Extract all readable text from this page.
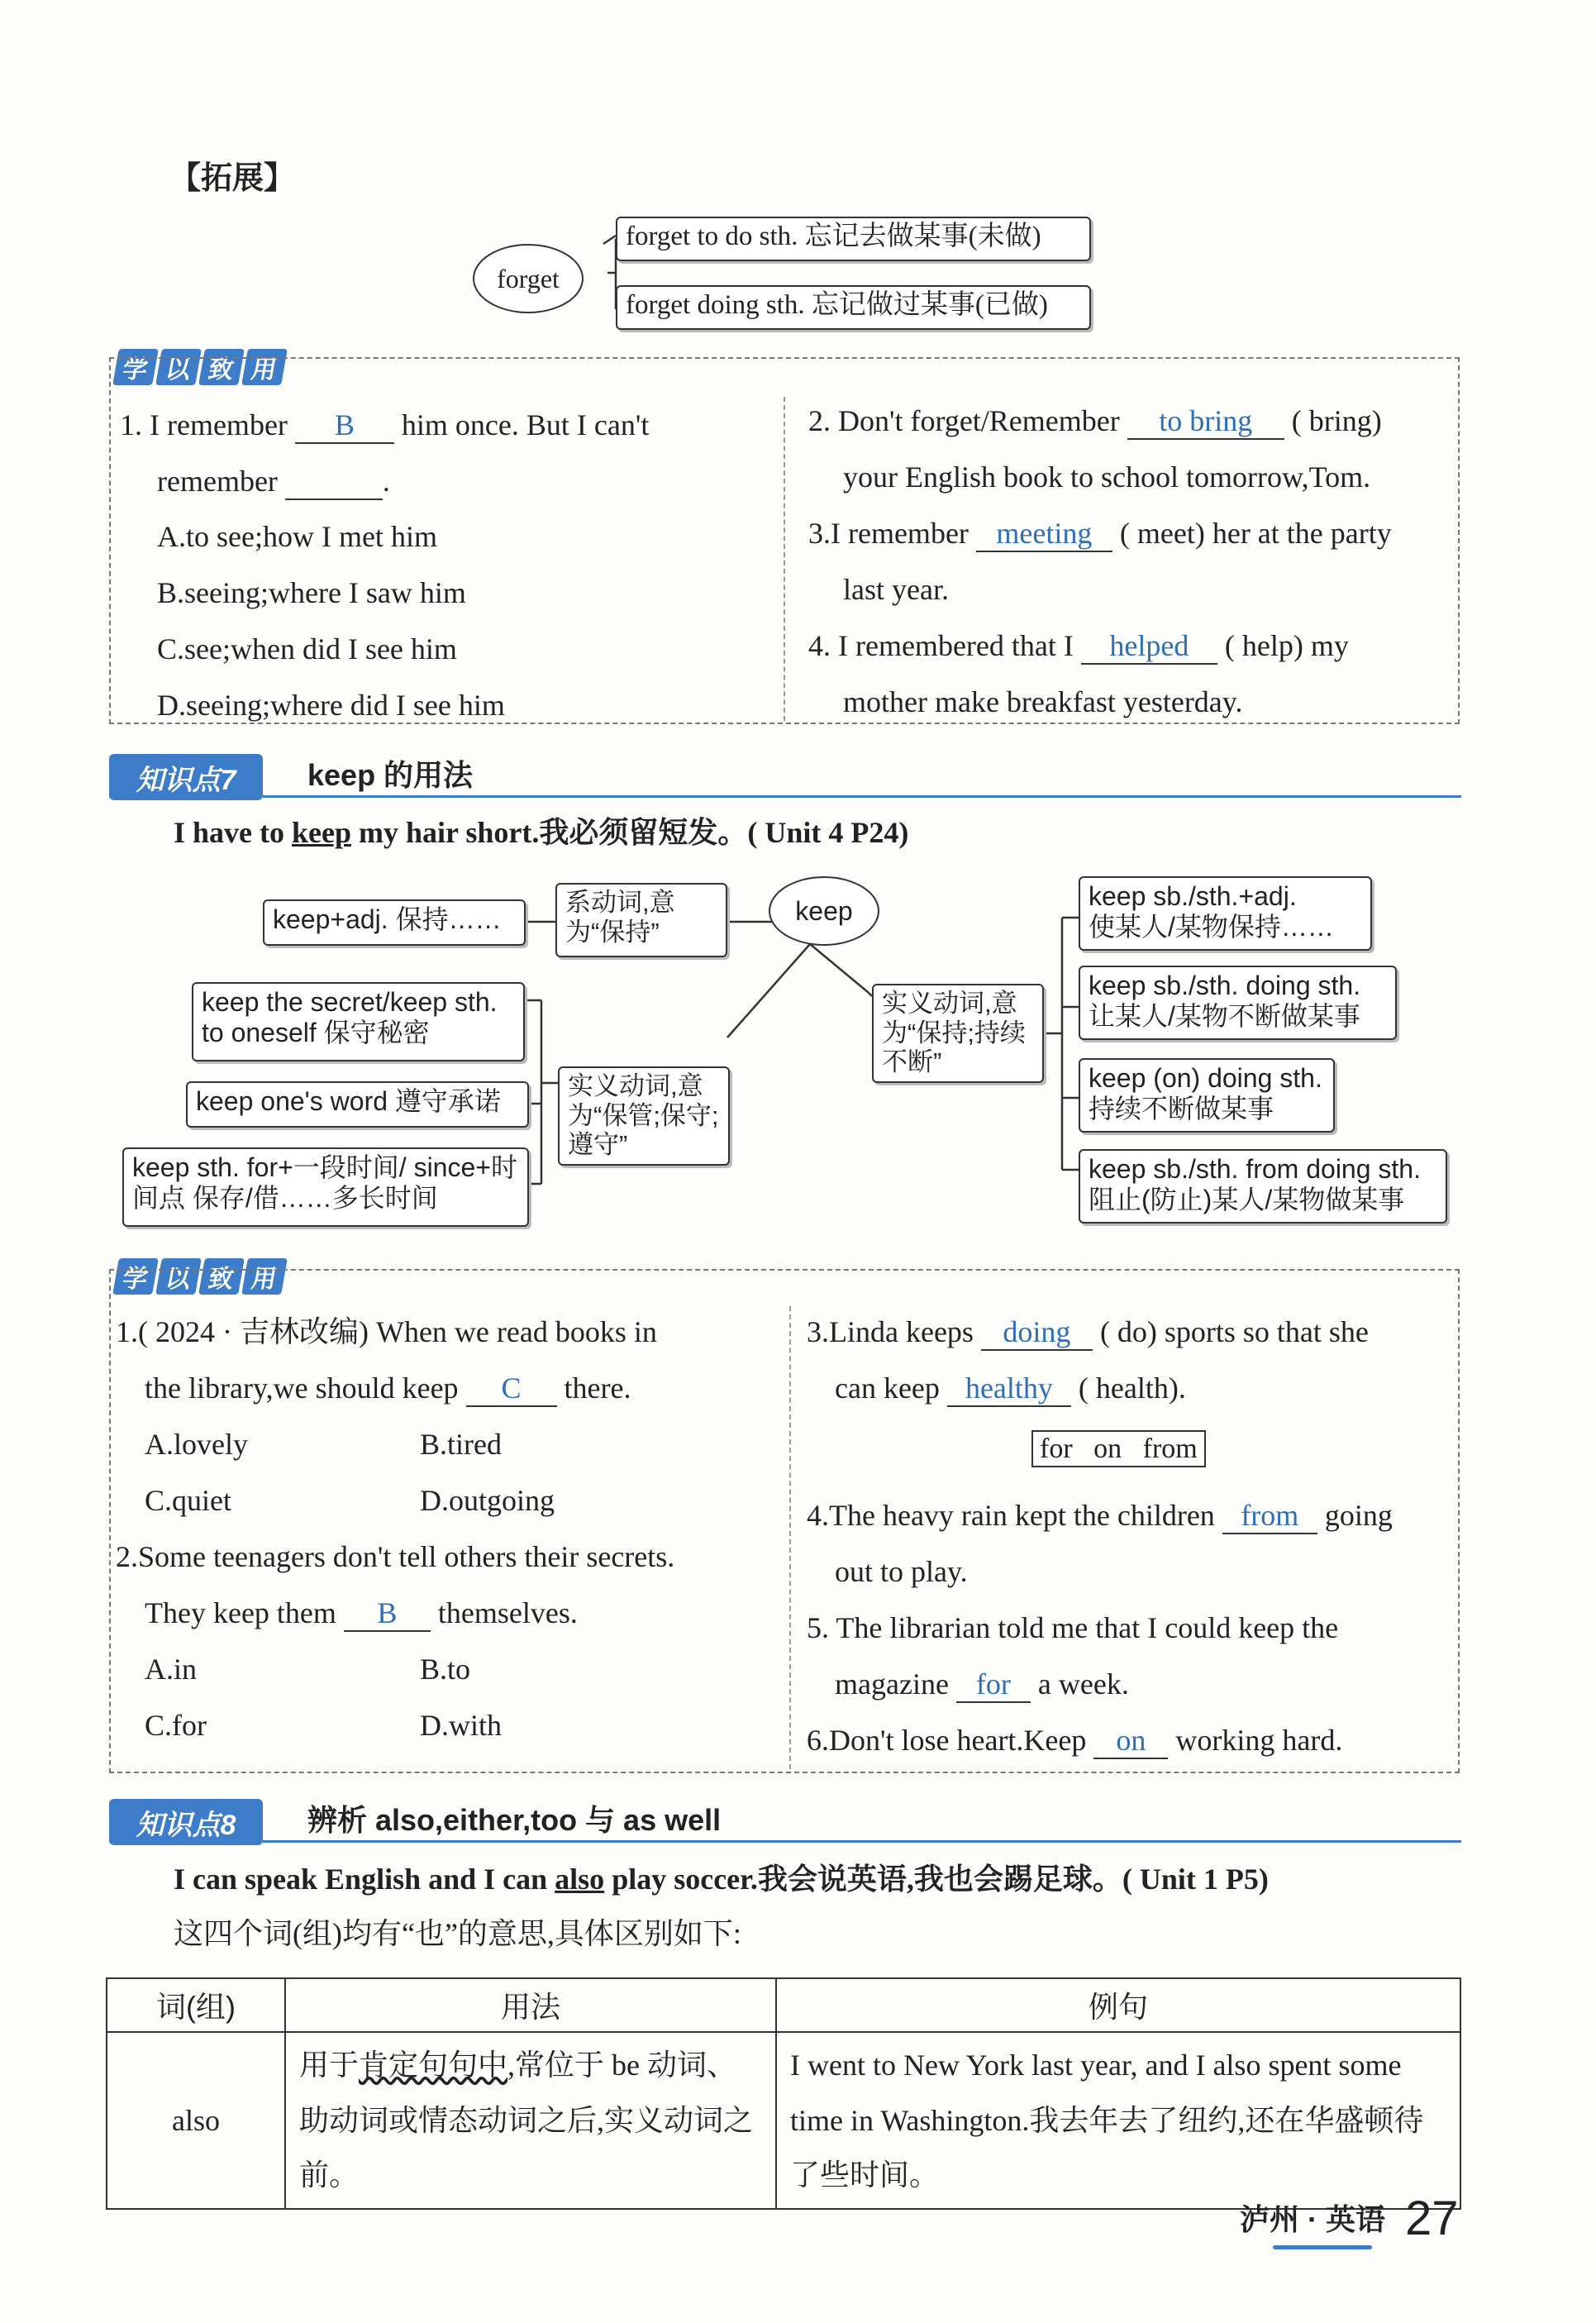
【拓展】
forget
forget to do sth. 忘记去做某事(未做)
forget doing sth. 忘记做过某事(已做)
学 以 致 用
1. I remember B him once. But I can't
remember	.
A.to see;how I met him
B.seeing;where I saw him
C.see;when did I see him
D.seeing;where did I see him
2. Don't forget/Remember to bring ( bring)
your English book to school tomorrow,Tom.
3.I remember meeting ( meet) her at the party
last year.
4. I remembered that I helped ( help) my
mother make breakfast yesterday.
知识点7	keep 的用法
I have to keep my hair short.我必须留短发。( Unit 4 P24)
keep
系动词,意为“保持”
keep+adj. 保持……
实义动词,意为“保管;保守;遵守”
keep the secret/keep sth. to oneself 保守秘密
keep one's word 遵守承诺
keep sth. for+一段时间/ since+时间点 保存/借……多长时间
实义动词,意为“保持;持续不断”
keep sb./sth.+adj.
使某人/某物保持……
keep sb./sth. doing sth.
让某人/某物不断做某事
keep (on) doing sth.
持续不断做某事
keep sb./sth. from doing sth.
阻止(防止)某人/某物做某事
学 以 致 用
1.( 2024 · 吉林改编) When we read books in
the library,we should keep C there.
A.lovely	B.tired
C.quiet	D.outgoing
2.Some teenagers don't tell others their secrets.
They keep them B themselves.
A.in	B.to
C.for	D.with
3.Linda keeps doing ( do) sports so that she
can keep healthy ( health).
for   on   from
4.The heavy rain kept the children from going
out to play.
5. The librarian told me that I could keep the
magazine for a week.
6.Don't lose heart.Keep on working hard.
知识点8	辨析 also,either,too 与 as well
I can speak English and I can also play soccer.我会说英语,我也会踢足球。( Unit 1 P5)
这四个词(组)均有“也”的意思,具体区别如下:
词(组)	用法	例句
also	用于肯定句句中,常位于 be 动词、助动词或情态动词之后,实义动词之前。	I went to New York last year, and I also spent some time in Washington.我去年去了纽约,还在华盛顿待了些时间。
泸州 · 英语 27
